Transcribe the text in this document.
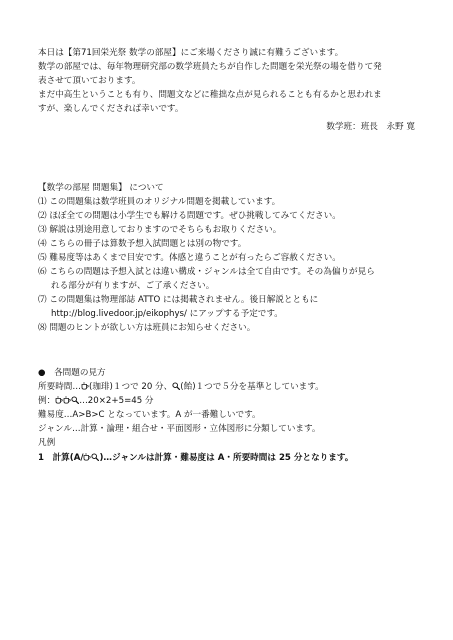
本日は【第71回栄光祭 数学の部屋】にご来場くださり誠に有難うございます。
数学の部屋では、毎年物理研究部の数学班員たちが自作した問題を栄光祭の場を借りて発
表させて頂いております。
まだ中高生ということも有り、問題文などに稚拙な点が見られることも有るかと思われま
すが、楽しんでくだされば幸いです。
数学班：班長　永野 寛
【数学の部屋 問題集】 について
⑴ この問題集は数学班員のオリジナル問題を掲載しています。
⑵ ほぼ全ての問題は小学生でも解ける問題です。ぜひ挑戦してみてください。
⑶ 解説は別途用意しておりますのでそちらもお取りください。
⑷ こちらの冊子は算数予想入試問題とは別の物です。
⑸ 難易度等はあくまで目安です。体感と違うことが有ったらご容赦ください。
⑹ こちらの問題は予想入試とは違い構成・ジャンルは全て自由です。その為偏りが見ら
れる部分が有りますが、ご了承ください。
⑺ この問題集は物理部誌 ATTO には掲載されません。後日解説とともに
http://blog.livedoor.jp/eikophys/ にアップする予定です。
⑻ 問題のヒントが欲しい方は班員にお知らせください。
●　各問題の見方
所要時間… (珈琲)１つで 20 分、 (飴)１つで５分を基準としています。
例：	…20×2+5=45 分
難易度…A>B>C となっています。A が一番難しいです。
ジャンル…計算・論理・組合せ・平面図形・立体図形に分類しています。
凡例
1　計算(A/ )…ジャンルは計算・難易度は A・所要時間は 25 分となります。
